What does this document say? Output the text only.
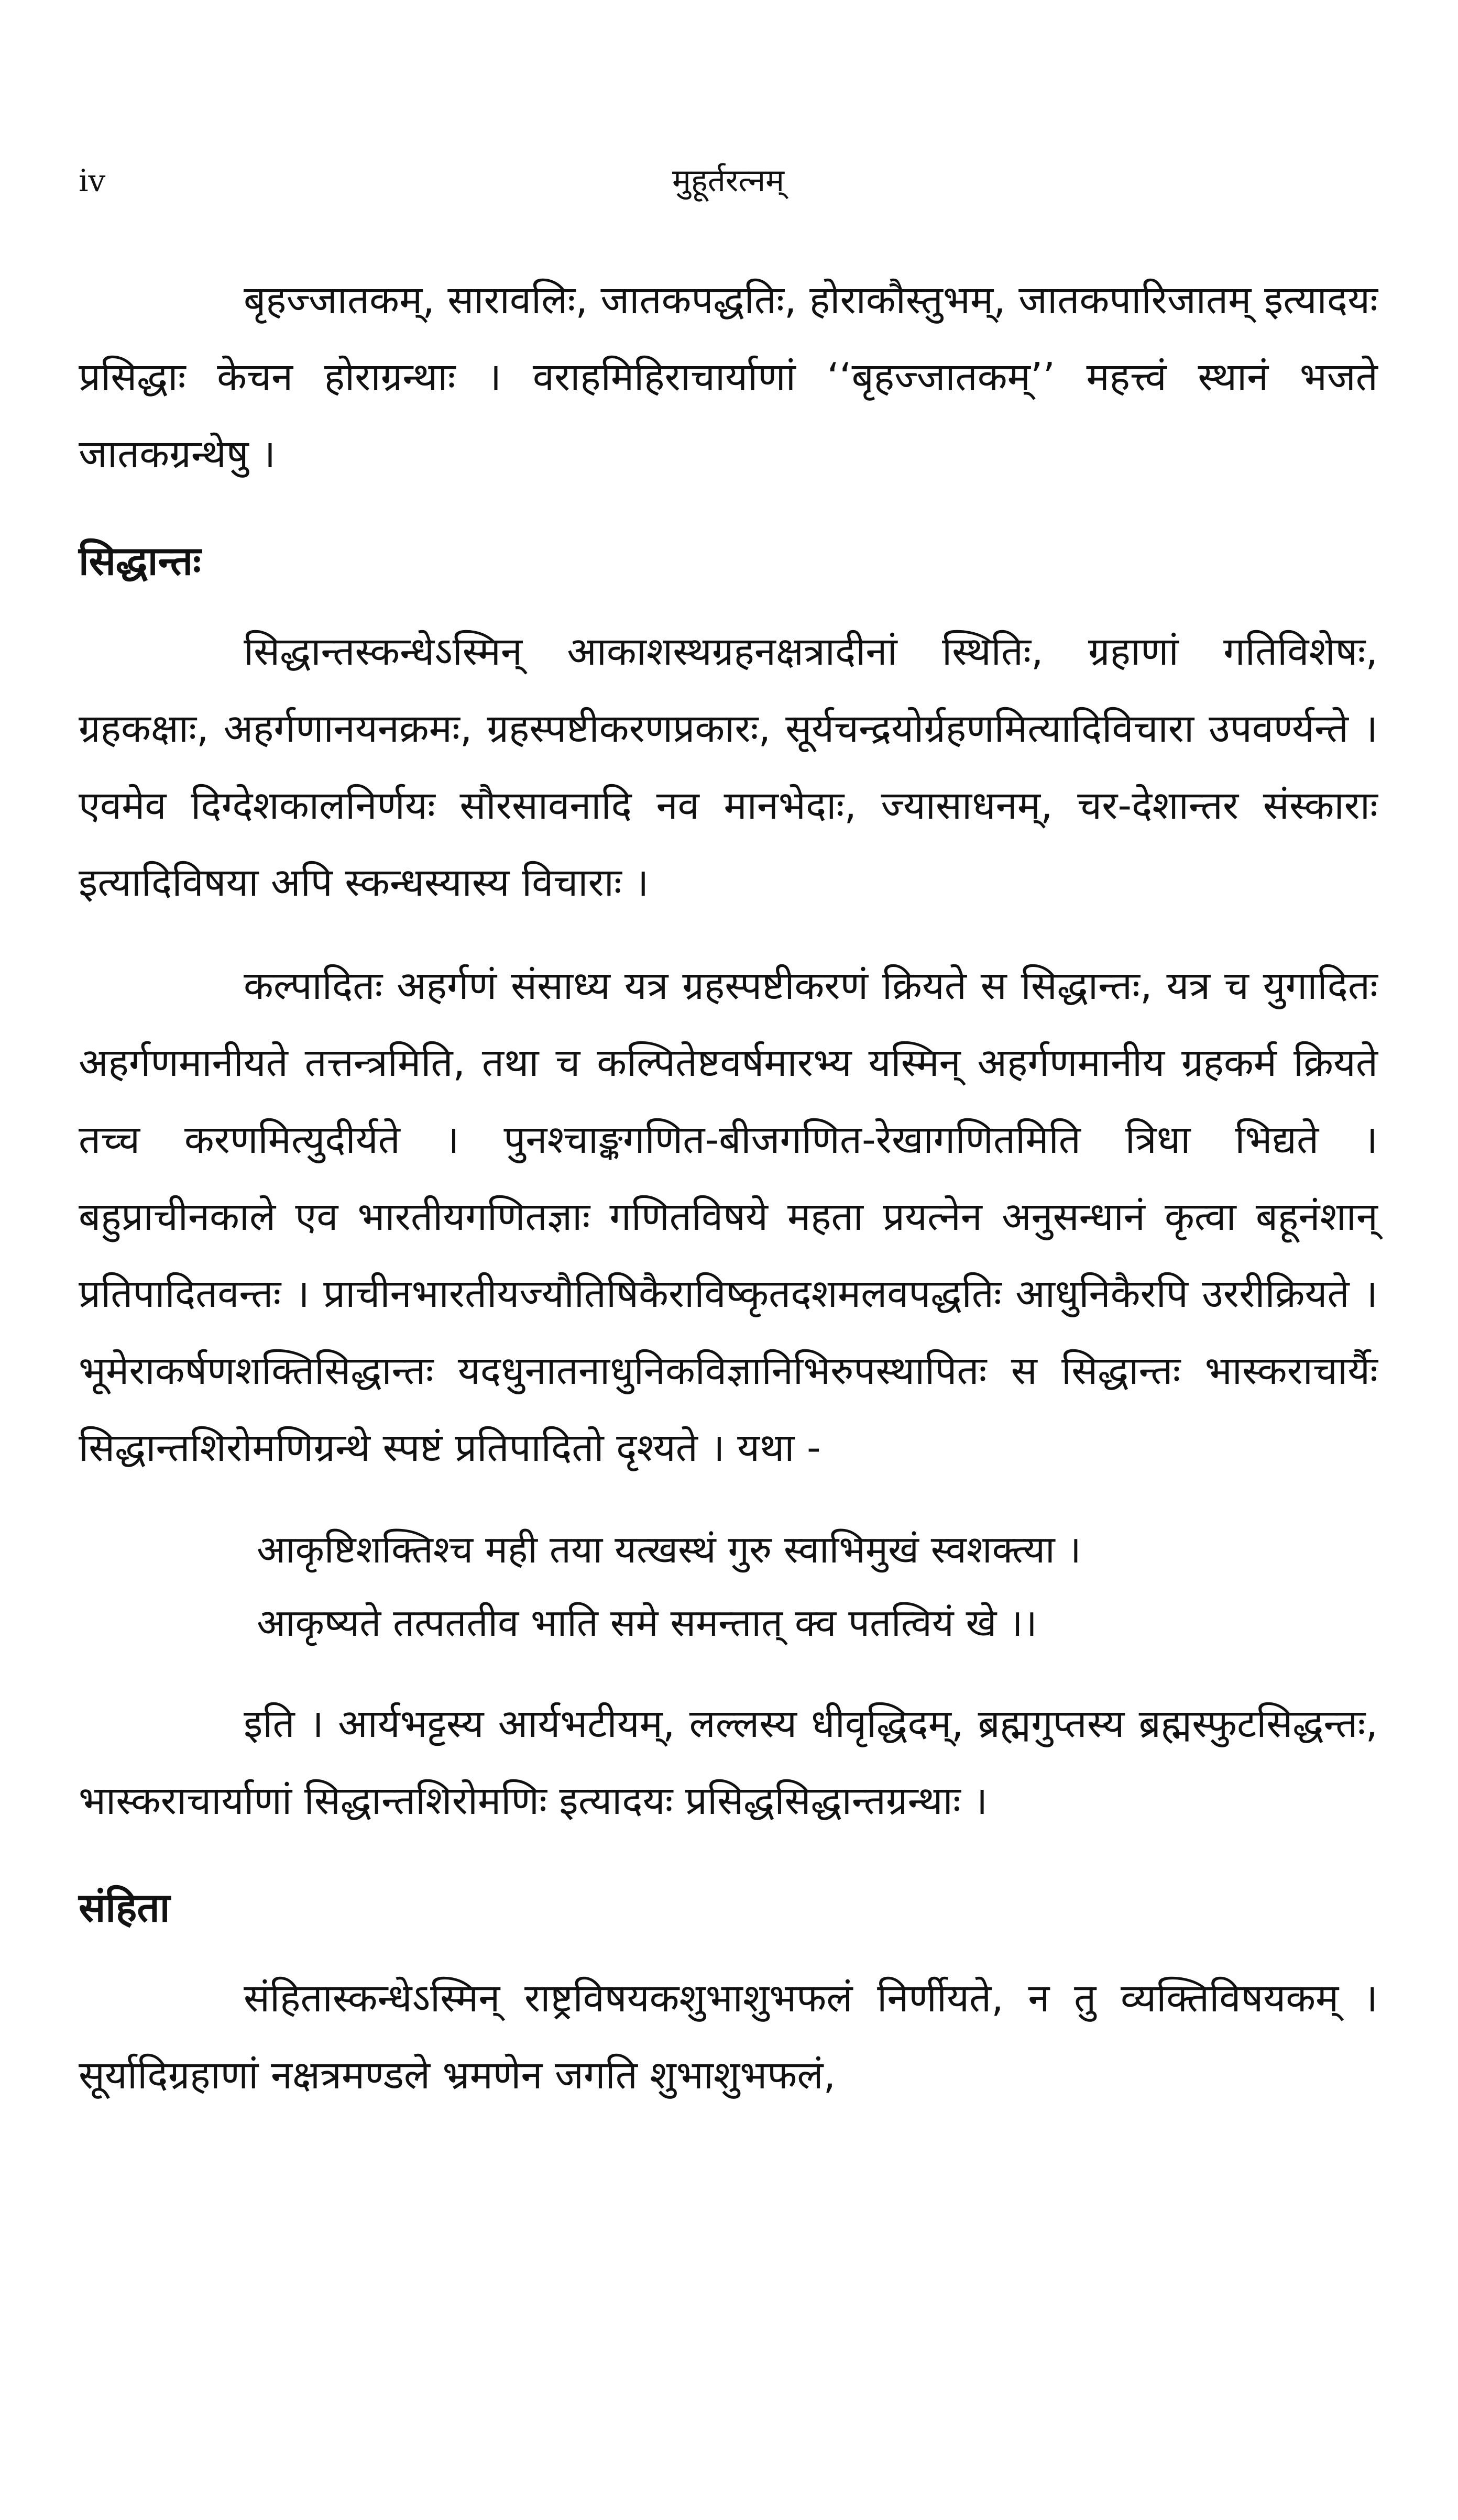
iv	मुहूर्तरत्नम्

बृहज्जातकम्, सारावलिः, जातकपद्धतिः, होराकौस्तुभम्, जातकपारिजातम् इत्यादयः प्रसिद्धाः केचन होराग्रन्थाः । वराहमिहिराचार्याणां ‘‘बृहज्जातकम्’’ महत्त्वं स्थानं भजते जातकग्रन्थेषु ।

सिद्धान्तः

सिद्धान्तस्कन्धेऽस्मिन् आकाशस्थग्रहनक्षत्रादीनां स्थितिः, ग्रहाणां गतिविशेषः, ग्रहकक्षाः, अहर्गणानयनक्रमः, ग्रहस्पष्टीकरणप्रकारः, सूर्यचन्द्रयोर्ग्रहणमित्यादिविचारा उपवर्ण्यन्ते । एवमेव दिग्देशकालनिर्णयः सौरसावनादि नव मानभेदाः, ज्यासाधनम्, चर-देशान्तर संस्काराः इत्यादिविषया अपि स्कन्धस्यास्य विचाराः ।

कल्पादितः अहर्गणं संसाध्य यत्र ग्रहस्पष्टीकरणं क्रियते स सिद्धान्तः, यत्र च युगादितः अहर्गणमानीयते तत्तन्त्रमिति, तथा च कल्पितेष्टवर्षमारभ्य यस्मिन् अहर्गणमानीय ग्रहकर्म क्रियते तच्च करणमित्युदीर्यते । पुनश्चाङ्कगणित-बीजगणित-रेखागणितमिति त्रिधा भिद्यते । बहुप्राचीनकाले एव भारतीयगणितज्ञाः गणितविषये महता प्रयत्नेन अनुसन्धानं कृत्वा बहूनंशान् प्रतिपादितवन्तः । प्राचीनभारतीयज्यौतिषिकैराविष्कृतदशमलवपद्धतिः आधुनिकैरपि उररीक्रियते । भूमेराकर्षणशक्तिसिद्धान्तः यदधुनातनाधुनिकविज्ञानिभिरुपस्थापितः स सिद्धान्तः भास्कराचार्यैः सिद्धान्तशिरोमणिग्रन्थे स्पष्टं प्रतिपादितो दृश्यते । यथा -

आकृष्टिशक्तिश्च मही तया यत्खस्थं गुरु स्वाभिमुखं स्वशक्त्या ।
आकृष्यते तत्पततीव भाति समे समन्तात् क्व पतत्वियं खे ।।

इति । आर्यभट्टस्य आर्यभटीयम्, लल्लस्य धीवृद्धिदम्, ब्रह्मगुप्तस्य ब्रह्मस्फुटसिद्धन्तः, भास्कराचार्याणां सिद्धान्तशिरोमणिः इत्यादयः प्रसिद्धसिद्धान्तग्रन्थाः ।

संहिता

संहितास्कन्धेऽस्मिन् राष्ट्रविषयकशुभाशुभफलं निर्णीयते, न तु व्यक्तिविषयकम् । सूर्यादिग्रहाणां नक्षत्रमण्डले भ्रमणेन जगति शुभाशुभफलं,
